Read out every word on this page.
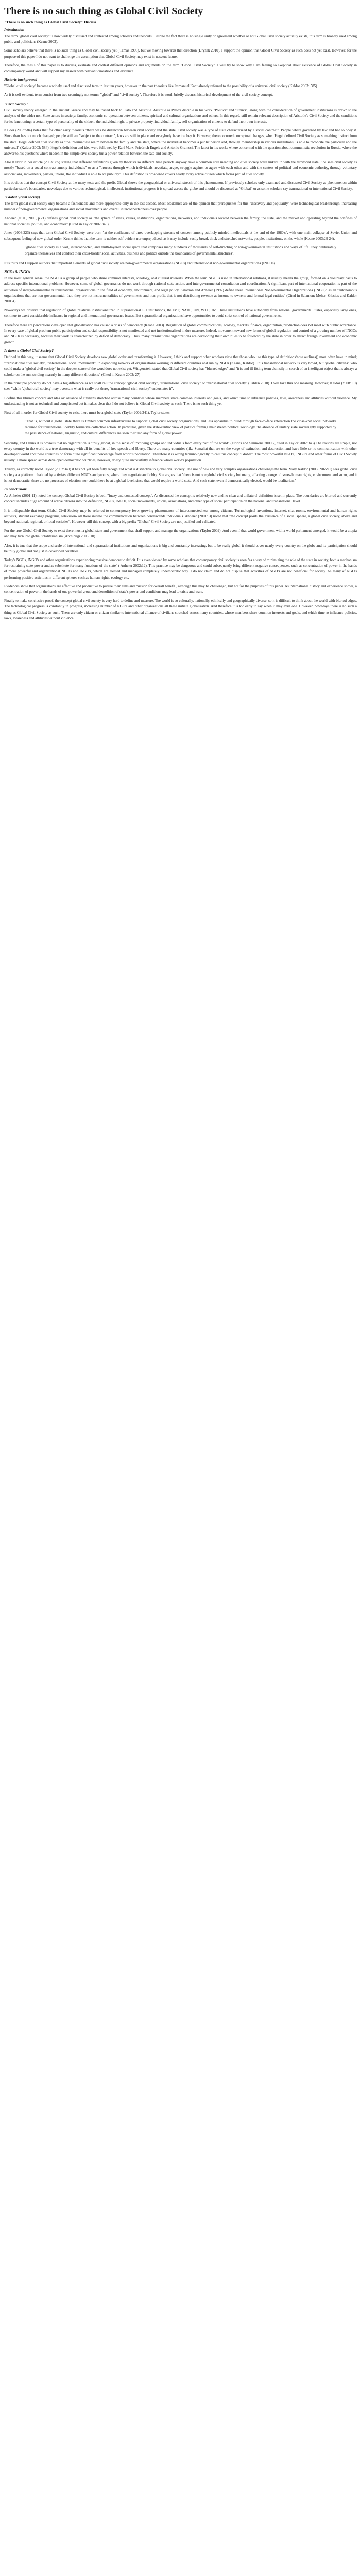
There is no such thing as Global Civil Society
"There is no such thing as Global Civil Society" Discuss
Introduction

The term "global civil society" is now widely discussed and contested among scholars and theorists. Despite the fact there is no single unity or agreement whether or not Global Civil society actually exists, this term is broadly used among public and politicians (Keane 2003).

Some scholars believe that there is no such thing as Global civil society yet ('Tamas 1998), but we moving towards that direction (Dryzek 2010). I support the opinion that Global Civil Society as such does not yet exist. However, for the purpose of this paper I do not want to challenge the assumption that Global Civil Society may exist in nascent future.

Therefore, the thesis of this paper is to discuss, evaluate and contest different opinions and arguments on the term "Global Civil Society". I will try to show why I am feeling so skeptical about existence of Global Civil Society in contemporary world and will support my answer with relevant quotations and evidence.

Historic background

"Global civil society" became a widely used and discussed term in last ten years, however in the past theorists like Immanuel Kant already referred to the possibility of a universal civil society (Kaldor 2003: 585).

As it is self-evident, term consist from two seemingly not terms: "global" and "civil society". Therefore it is worth briefly discuss, historical development of the civil society concept.

"Civil Society"

Civil society theory emerged in the ancient Greece and may be traced back to Plato and Aristotle. Aristotle as Plato's disciple in his work "Politics" and "Ethics", along with the consideration of government institutions is drawn to the analysis of the wider non-State actors in society: family, economic co-operation between citizens, spiritual and cultural organizations and others. In this regard, still remain relevant description of Aristotle's Civil Society and the conditions for its functioning: a certain type of personality of the citizen, the individual right to private property, individual family, self-organization of citizens to defend their own interests.

Kaldor (2003:584) notes that for other early theorists "there was no distinction between civil society and the state. Civil society was a type of state characterized by a social contract". People where governed by law and had to obey it. Since than has not much changed; people still are "subject to the contract", laws are still in place and everybody have to obey it. However, there occurred conceptual changes, when Hegel defined Civil Society as something distinct from the state. Hegel defined civil society as "the intermediate realm between the family and the state, where the individual becomes a public person and, through membership in various institutions, is able to reconcile the particular and the universal" (Kaldor 2003: 584). Hegel's definition and idea were followed by Karl Marx, Friedrich Engels and Antonio Gramsci. The latest in his works where concerned with the question about communistic revolution in Russia, where the answer to his questions where hidden in the simple civil society but a power relation between the sate and society.

Also Kaldor in her article (2003:585) stating that different definitions given by theorists so different time periods anyway have a common core meaning and civil society were linked up with the territorial state. She sees civil society as mostly "based on a social contract among individuals" or as a "process through which individuals negotiate, argue, struggle against or agree with each other and with the centers of political and economic authority, through voluntary associations, movements, parties, unions, the individual is able to act publicly". This definition is broadened covers nearly every active citizen which forms part of civil society.

It is obvious that the concept Civil Society at the many texts and the prefix Global shows the geographical or universal stretch of this phenomenon. If previously scholars only examined and discussed Civil Society as phenomenon within particular state's boundaries, nowadays due to various technological, intellectual, institutional progress it is spread across the globe and should be discussed as "Global" or as some scholars say transnational or international Civil Society.

"Global"(civil society)

The term global civil society only became a fashionable and more appropriate only in the last decade. Most academics are of the opinion that prerequisites for this "discovery and popularity" were technological breakthrough, increasing number of non-governmental organizations and social movements and overall interconnectedness over people.

Anheier (et al., 2001, p.21) defines global civil society as "the sphere of ideas, values, institutions, organizations, networks, and individuals located between the family, the state, and the market and operating beyond the confines of national societies, polities, and economies" (Cited in Taylor 2002:340).

Jones (2003:223) says that term Global Civil Society were born "at the confluence of three overlapping streams of concern among publicly minded intellectuals at the end of the 1980's", with one main collapse of Soviet Union and subsequent feeling of new global order. Keane thinks that the term is neither self-evident nor unprejudiced, as it may include vastly broad, thick and stretched networks, people, institutions, on the whole (Keane 2003:23-24).

"global civil society is a vast, interconnected, and multi-layered social space that comprises many hundreds of thousands of self-directing or non-governmental institutions and ways of life...they deliberately organize themselves and conduct their cross-border social activities, business and politics outside the boundaries of governmental structures".

It is truth and I support authors that important elements of global civil society are non-governmental organizations (NGOs) and international non-governmental organizations (INGOs).

NGOs & INGOs

In the most general sense, the NGO is a group of people who share common interests, ideology, and cultural interests. When the term NGO is used in international relations, it usually means the group, formed on a voluntary basis to address specific international problems. However, some of global governance do not work through national state action, and intergovernmental consultation and coordination. A significant part of international cooperation is part of the activities of intergovernmental or transnational organizations in the field of economy, environment, and legal policy. Salamon and Anheier (1997) define these International Nongovernmental Organizations (INGO)" as an "autonomous organizations that are non-governmental, that, they are not instrumentalities of government; and non-profit, that is not distributing revenue as income to owners; and formal legal entities" (Cited in Salamon; Meher; Glasius and Kaldor 2001:4)

Nowadays we observe that regulation of global relations institutionalized in supranational EU institutions, the IMF, NATO, UN, WTO, etc. These institutions have autonomy from national governments. States, especially large ones, continue to exert considerable influence in regional and international governance issues. But supranational organizations have opportunities to avoid strict control of national governments.

Therefore there are perceptions developed that globalization has caused a crisis of democracy (Keane 2003). Regulation of global communications, ecology, markets, finance, organization, production does not meet with public acceptance. In every case of global problem public participation and social responsibility is not manifested and not institutionalized in due measure. Indeed, movement toward new forms of global regulation and control of a growing number of INGOs and NGOs is necessary, because their work is characterized by deficit of democracy. Thus, many transnational organizations are developing their own rules to be followed by the state in order to attract foreign investment and economic growth.

Is there a Global Civil Society?

Defined in this way, it seems that Global Civil Society develops new global order and transforming it. However, I think and support other scholars view that those who use this type of definitions/note outlines() most often have in mind; "transnational civil society", "international social movement", in expanding network of organizations working in different countries and run by NGOs (Keane, Kaldor). This transnational network is very broad, but "global citizens" who could make a "global civil society" in the deepest sense of the word does not exist yet. Wittgenstein stated that Global Civil society has "blurred edges" and "it is and ill-fitting term clumsily in search of an intelligent object that is always a scholar on the run, striding nearerly in many different directions" (Cited in Keane 2003: 27)

In the principle probably do not have a big difference as we shall call the concept "global civil society", "transnational civil society" or "transnational civil society" (Fahlen 2010). I will take this one meaning. However, Kaldor (2008: 10) sees "while 'global civil society' may overstate what is really out there, "transnational civil society" understates it".

I define this blurred concept and idea as: alliance of civilians stretched across many countries whose members share common interests and goals, and which time to influence policies, laws, awareness and attitudes without violence. My understanding is not as technical and complicated but it makes clear that I do not believe in Global Civil society as such. There is no such thing yet.

First of all in order for Global Civil society to exist there must be a global state (Taylor 2002:341). Taylor states:

"That is, without a global state there is limited common infrastructure to support global civil society organizations, and less apparatus to build through face-to-face interaction the close-knit social networks required for transnational identity formative collective action. In particular, given the state-centric view of politics framing mainstream political sociology, the absence of unitary state sovereignty supported by the persistence of national, linguistic, and cultural differences are seen to trump any form of global power".

Secondly, and I think it is obvious that no organization is "truly global, in the sense of involving groups and individuals from every part of the world" (Florini and Simmons 2000:7, cited in Taylor 2002:343) The reasons are simple, not every country in the world is a true democracy with all its benefits of free speech and liberty. There are many countries (like Somalia) that are on the verge of extinction and destruction and have little or no communication with other developed world and these countries do form quite significant percentage from world's population. Therefore it is wrong terminologically to call this concept "Global". The most powerful NGO's, INGO's and other forms of Civil Society usually is more spread across developed democratic countries; however, do try quite successfully influence whole world's population.

Thirdly, as correctly noted Taylor (2002:340) it has not yet been fully recognized what is distinctive to global civil society. The use of new and very complex organizations challenges the term. Mary Kaldor (2003:590-591) sees global civil society a a platform inhabited by activists, different NGO's and groups, where they negotiate and lobby. She argues that "there is not one global civil society but many, affecting a range of issues-human rights, environment and so on, and it is not democratic, there are no processes of election, nor could there be at a global level, since that would require a world state. And such state, even if democratically elected, would be totalitarian."

In conclusion:

As Anheier (2001:11) noted the concept Global Civil Society is both "fuzzy and contested concept". As discussed the concept is relatively new and no clear and unilateral definition is set in place. The boundaries are blurred and currently concept includes huge amount of active citizens into the definition, NGOs, INGOs, social movements, unions, associations, and other type of social participation on the national and transnational level.

It is indisputable that term, Global Civil Society may be referred to contemporary fever growing phenomenon of interconnectedness among citizens. Technological inventions, internet, chat rooms, environmental and human rights activists, student exchange programs, television- all these initiate the communication between condescends individuals. Anheier (2001: 3) noted that "the concept posits the existence of a social sphere, a global civil society, above and beyond national, regional, or local societies". However still this concept with a big prefix "Global" Civil Society are not justified and validated.

For the true Global Civil Society to exist there must a global state and government that shall support and manage the organizations (Taylor 2002). And even if that world government with a world parliament emerged, it would be a utopia and may turn into global totalitarianism (Archibugi 2003: 10).

Also, it is true that the scope and scale of international and supranational institutions and organizations is big and constantly increasing, but to be really global it should cover nearly every country on the globe and its participation should be truly global and not just in developed countries.

Today's NGOs, INGO's and other organizations experiencing massive democratic deficit. It is even viewed by some scholars that contemporary civil society is seen "as a way of minimizing the role of the state in society, both a mechanism for restraining state power and as substitute for many functions of the state" ( Anheier 2002:12). This practice may be dangerous and could subsequently bring different negative consequences, such as concentration of power in the hands of more powerful and organizational NGO's and INGO's, which are elected and managed completely undemocratic way. I do not claim and do not dispute that activities of NGO's are not beneficial for society. As many of NGO's performing positive activities in different spheres such as human rights, ecology etc.

Evidences show that organizations are effective and productive to pursue their aims and mission for overall benefit , although this may be challenged, but not for the purposes of this paper. As international history and experience shows, a concentration of power in the hands of one powerful group and demolition of state's power and conditions may lead to crisis and wars.

Finally to make conclusive proof, the concept global civil society is very hard to define and measure. The world is so culturally, nationally, ethnically and geographically diverse, so it is difficult to think about the world with blurred edges. The technological progress is constantly in progress, increasing number of NGO's and other organizations all these initiate globalization. And therefore it is too early to say when it may exist one. However, nowadays there is no such a thing as Global Civil Society as such. There are only citizen or citizen similar to international alliance of civilians stretched across many countries, whose members share common interests and goals, and which time to influence policies, laws, awareness and attitudes without violence.
